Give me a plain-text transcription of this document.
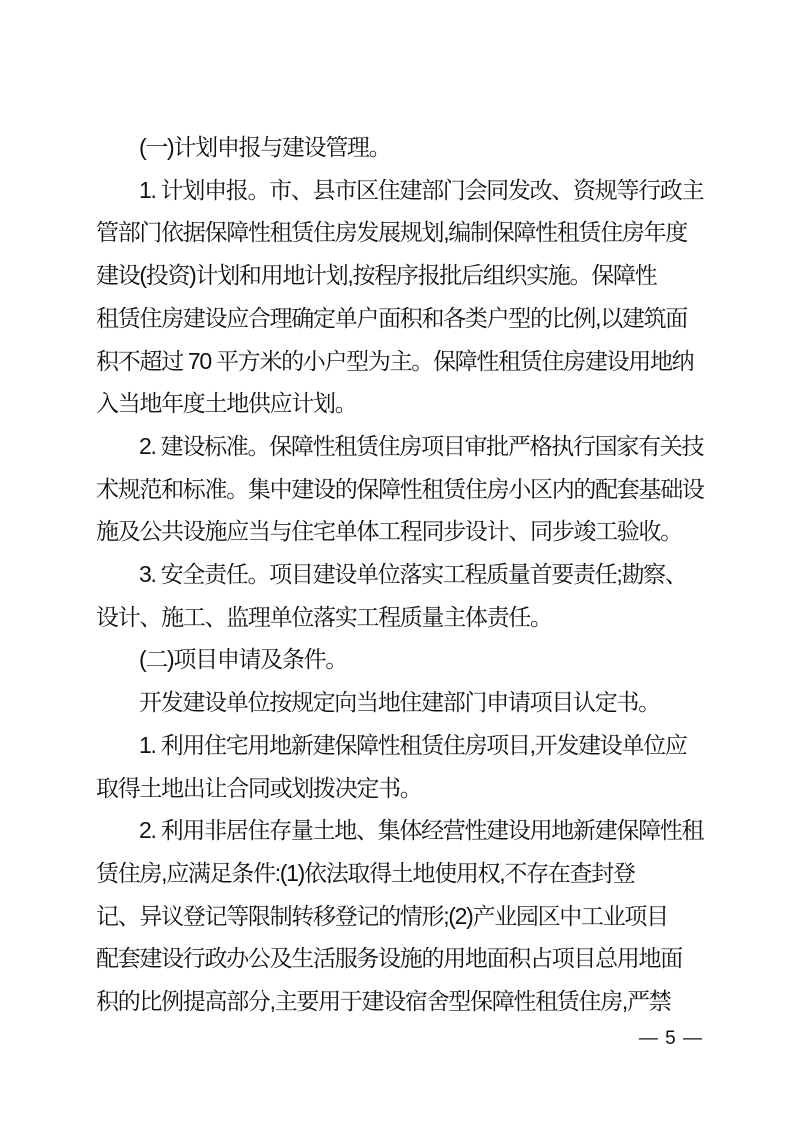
(一)计划申报与建设管理。

1. 计划申报。市、县市区住建部门会同发改、资规等行政主

管部门依据保障性租赁住房发展规划,编制保障性租赁住房年度

建设(投资)计划和用地计划,按程序报批后组织实施。保障性

租赁住房建设应合理确定单户面积和各类户型的比例,以建筑面

积不超过 70 平方米的小户型为主。保障性租赁住房建设用地纳

入当地年度土地供应计划。

2. 建设标准。保障性租赁住房项目审批严格执行国家有关技

术规范和标准。集中建设的保障性租赁住房小区内的配套基础设

施及公共设施应当与住宅单体工程同步设计、同步竣工验收。

3. 安全责任。项目建设单位落实工程质量首要责任;勘察、

设计、施工、监理单位落实工程质量主体责任。

(二)项目申请及条件。

开发建设单位按规定向当地住建部门申请项目认定书。

1. 利用住宅用地新建保障性租赁住房项目,开发建设单位应

取得土地出让合同或划拨决定书。

2. 利用非居住存量土地、集体经营性建设用地新建保障性租

赁住房,应满足条件:(1)依法取得土地使用权,不存在查封登

记、异议登记等限制转移登记的情形;(2)产业园区中工业项目

配套建设行政办公及生活服务设施的用地面积占项目总用地面

积的比例提高部分,主要用于建设宿舍型保障性租赁住房,严禁

— 5 —
